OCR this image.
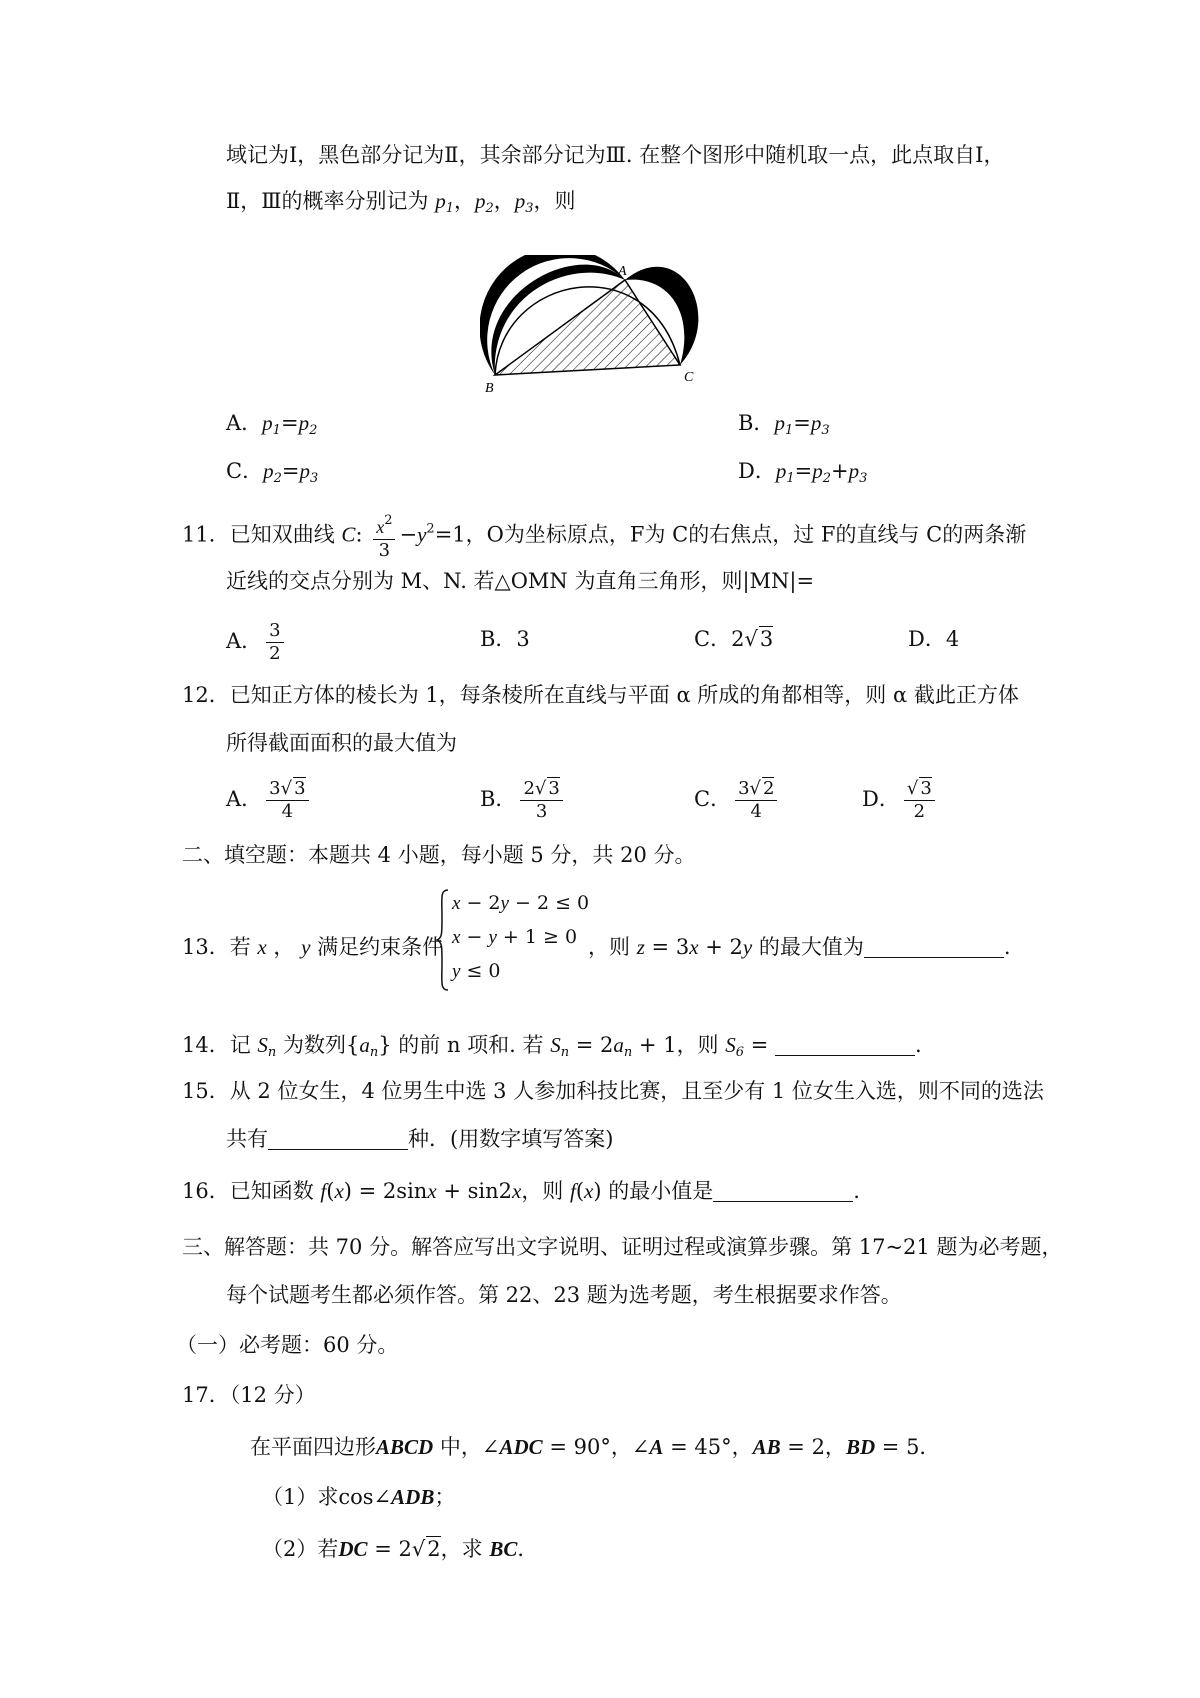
域记为Ⅰ，黑色部分记为Ⅱ，其余部分记为Ⅲ. 在整个图形中随机取一点，此点取自Ⅰ，
Ⅱ，Ⅲ的概率分别记为 $p_1$，$p_2$，$p_3$，则
A
B
C
A．$p_1=p_2$	B．$p_1=p_3$
C．$p_2=p_3$	D．$p_1=p_2+p_3$
11．已知双曲线 C: $\frac{x^2}{3} -y^2=1$，O为坐标原点，F为 C的右焦点，过 F的直线与 C的两条渐
近线的交点分别为 M、N. 若△OMN 为直角三角形，则|MN|=
A． $\frac{3}{2}$	B．3	C．2√3	D．4
12．已知正方体的棱长为 1，每条棱所在直线与平面 α 所成的角都相等，则 α 截此正方体
所得截面面积的最大值为
A． $\frac{3√ 3}{4}$	B． $\frac{2√ 3}{3}$	C． $\frac{3√ 2}{4}$	D． $\frac{√ 3}{2}$
二、填空题：本题共 4 小题，每小题 5 分，共 20 分。
13．若 x ， y 满足约束条件
x − 2y − 2 ≤ 0
x − y + 1 ≥ 0
y ≤ 0
，则 z = 3x + 2y 的最大值为	.
14．记 $S_n$ 为数列$\{a_n\}$ 的前 n 项和. 若 $S_n = 2a_n + 1$，则 $S_6$ =	.
15．从 2 位女生，4 位男生中选 3 人参加科技比赛，且至少有 1 位女生入选，则不同的选法
共有	种．(用数字填写答案)
16．已知函数 f(x) = 2sinx + sin2x，则 f(x) 的最小值是	.
三、解答题：共 70 分。解答应写出文字说明、证明过程或演算步骤。第 17~21 题为必考题，
每个试题考生都必须作答。第 22、23 题为选考题，考生根据要求作答。
（一）必考题：60 分。
17．（12 分）
在平面四边形ABCD 中，∠ADC = 90°，∠A = 45°，AB = 2，BD = 5．
（1）求cos∠ADB；
（2）若DC = 2√2，求 BC．
